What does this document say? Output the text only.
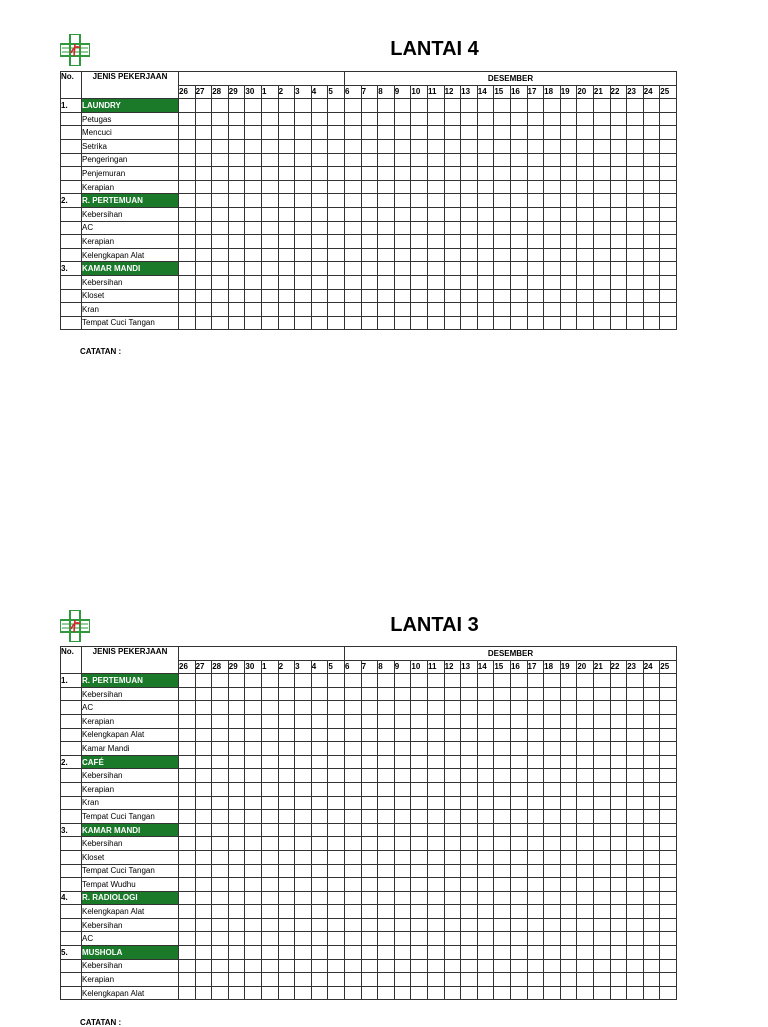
LANTAI 4
No.	JENIS PEKERJAAN											DESEMBER																			
		26	27	28	29	30	1	2	3	4	5	6	7	8	9	10	11	12	13	14	15	16	17	18	19	20	21	22	23	24	25
1.	LAUNDRY																														
	Petugas																														
	Mencuci																														
	Setrika																														
	Pengeringan																														
	Penjemuran																														
	Kerapian																														
2.	R. PERTEMUAN																														
	Kebersihan																														
	AC																														
	Kerapian																														
	Kelengkapan Alat																														
3.	KAMAR MANDI																														
	Kebersihan																														
	Kloset																														
	Kran																														
	Tempat Cuci Tangan																														
CATATAN :
LANTAI 3
No.	JENIS PEKERJAAN											DESEMBER																			
		26	27	28	29	30	1	2	3	4	5	6	7	8	9	10	11	12	13	14	15	16	17	18	19	20	21	22	23	24	25
1.	R. PERTEMUAN																														
	Kebersihan																														
	AC																														
	Kerapian																														
	Kelengkapan Alat																														
	Kamar Mandi																														
2.	CAFÉ																														
	Kebersihan																														
	Kerapian																														
	Kran																														
	Tempat Cuci Tangan																														
3.	KAMAR MANDI																														
	Kebersihan																														
	Kloset																														
	Tempat Cuci Tangan																														
	Tempat Wudhu																														
4.	R. RADIOLOGI																														
	Kelengkapan Alat																														
	Kebersihan																														
	AC																														
5.	MUSHOLA																														
	Kebersihan																														
	Kerapian																														
	Kelengkapan Alat																														
CATATAN :
